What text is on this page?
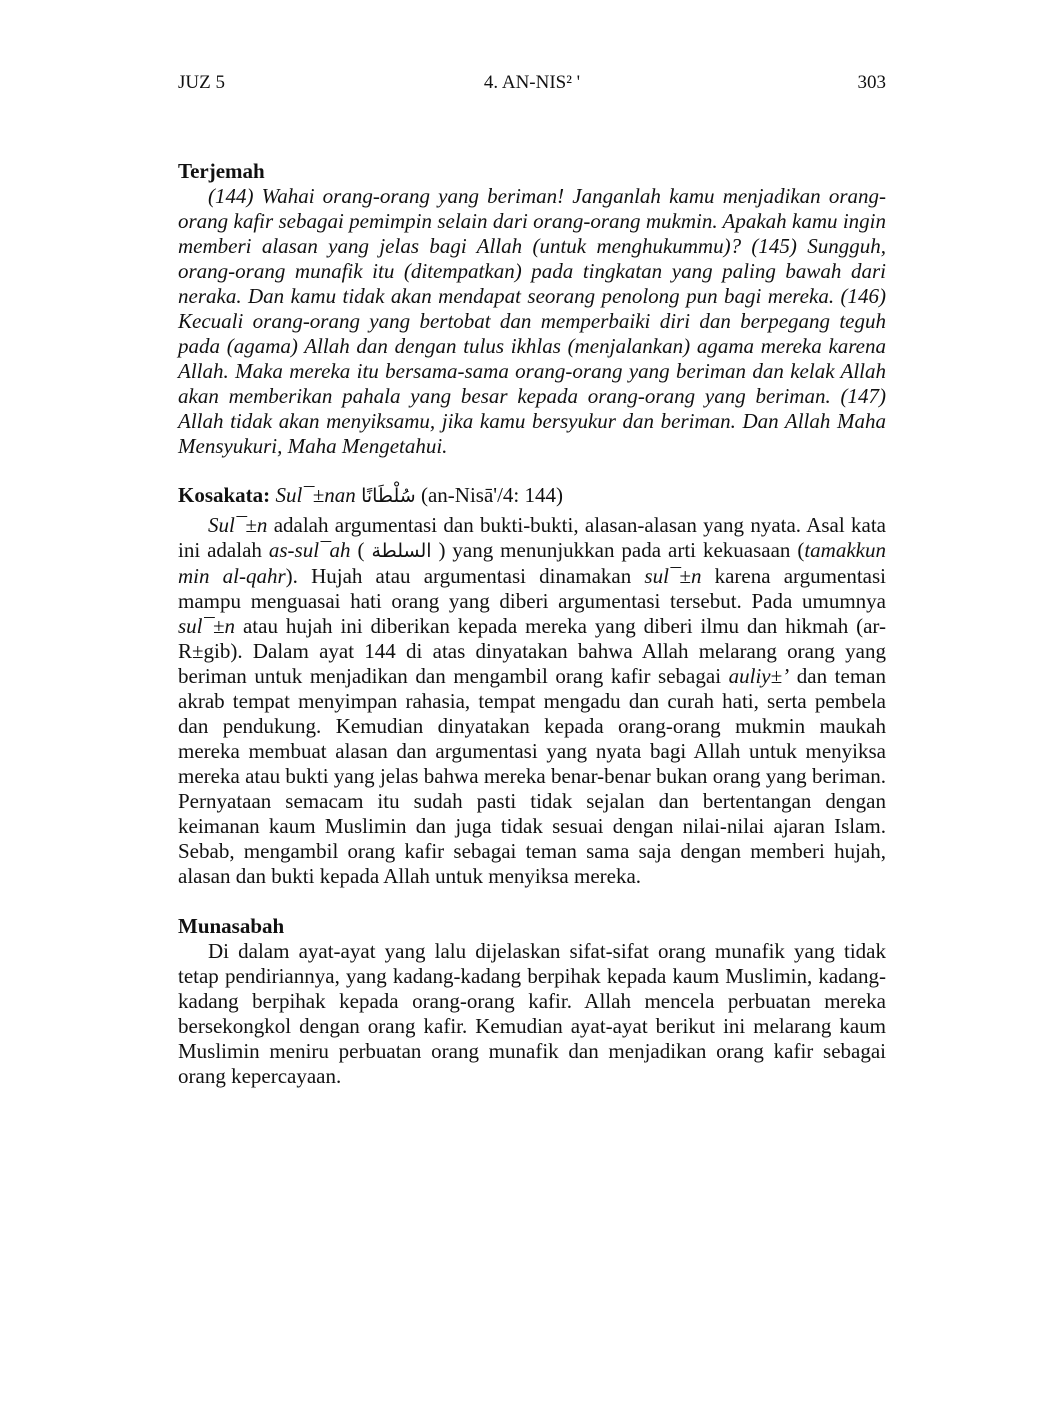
JUZ 5	4. AN-NIS² '	303
Terjemah

(144) Wahai orang-orang yang beriman! Janganlah kamu menjadikan orang-orang kafir sebagai pemimpin selain dari orang-orang mukmin. Apakah kamu ingin memberi alasan yang jelas bagi Allah (untuk menghukummu)? (145) Sungguh, orang-orang munafik itu (ditempatkan) pada tingkatan yang paling bawah dari neraka. Dan kamu tidak akan mendapat seorang penolong pun bagi mereka. (146) Kecuali orang-orang yang bertobat dan memperbaiki diri dan berpegang teguh pada (agama) Allah dan dengan tulus ikhlas (menjalankan) agama mereka karena Allah. Maka mereka itu bersama-sama orang-orang yang beriman dan kelak Allah akan memberikan pahala yang besar kepada orang-orang yang beriman. (147) Allah tidak akan menyiksamu, jika kamu bersyukur dan beriman. Dan Allah Maha Mensyukuri, Maha Mengetahui.

Kosakata: Sul¯±nan سُلْطَانًا (an-Nisā'/4: 144)

Sul¯±n adalah argumentasi dan bukti-bukti, alasan-alasan yang nyata. Asal kata ini adalah as-sul¯ah ( السلطة ) yang menunjukkan pada arti kekuasaan (tamakkun min al-qahr). Hujah atau argumentasi dinamakan sul¯±n karena argumentasi mampu menguasai hati orang yang diberi argumentasi tersebut. Pada umumnya sul¯±n atau hujah ini diberikan kepada mereka yang diberi ilmu dan hikmah (ar-R±gib). Dalam ayat 144 di atas dinyatakan bahwa Allah melarang orang yang beriman untuk menjadikan dan mengambil orang kafir sebagai auliy±’ dan teman akrab tempat menyimpan rahasia, tempat mengadu dan curah hati, serta pembela dan pendukung. Kemudian dinyatakan kepada orang-orang mukmin maukah mereka membuat alasan dan argumentasi yang nyata bagi Allah untuk menyiksa mereka atau bukti yang jelas bahwa mereka benar-benar bukan orang yang beriman. Pernyataan semacam itu sudah pasti tidak sejalan dan bertentangan dengan keimanan kaum Muslimin dan juga tidak sesuai dengan nilai-nilai ajaran Islam. Sebab, mengambil orang kafir sebagai teman sama saja dengan memberi hujah, alasan dan bukti kepada Allah untuk menyiksa mereka.

Munasabah

Di dalam ayat-ayat yang lalu dijelaskan sifat-sifat orang munafik yang tidak tetap pendiriannya, yang kadang-kadang berpihak kepada kaum Muslimin, kadang-kadang berpihak kepada orang-orang kafir. Allah mencela perbuatan mereka bersekongkol dengan orang kafir. Kemudian ayat-ayat berikut ini melarang kaum Muslimin meniru perbuatan orang munafik dan menjadikan orang kafir sebagai orang kepercayaan.
